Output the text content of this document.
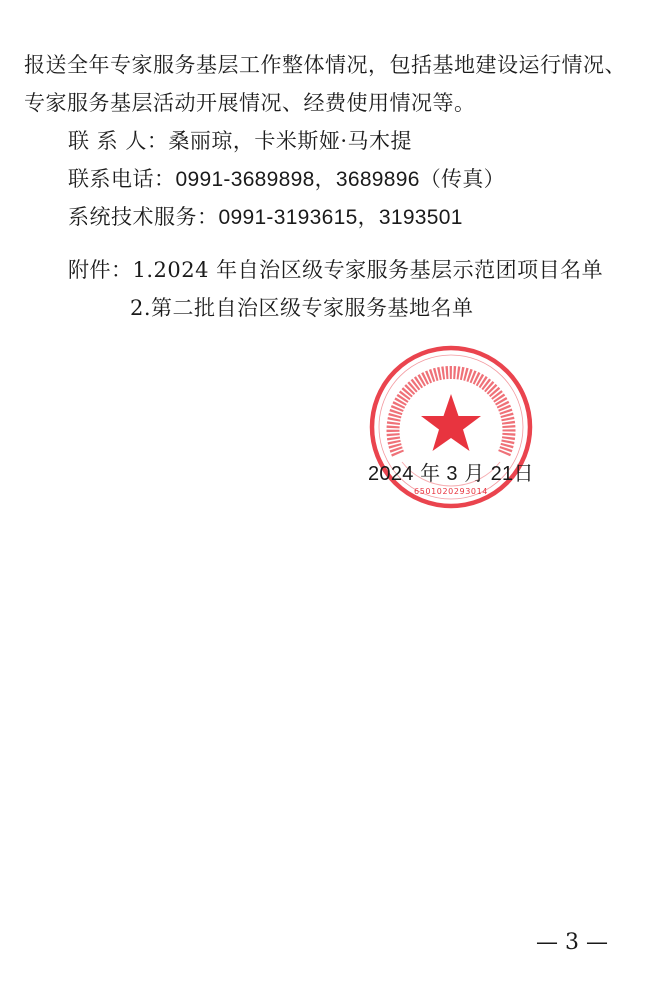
报送全年专家服务基层工作整体情况，包括基地建设运行情况、
专家服务基层活动开展情况、经费使用情况等。
联 系 人：桑丽琼，卡米斯娅·马木提
联系电话：0991-3689898，3689896（传真）
系统技术服务：0991-3193615，3193501
附件：1.2024 年自治区级专家服务基层示范团项目名单
2.第二批自治区级专家服务基地名单
6501020293014
2024 年 3 月 21日
— 3 —
